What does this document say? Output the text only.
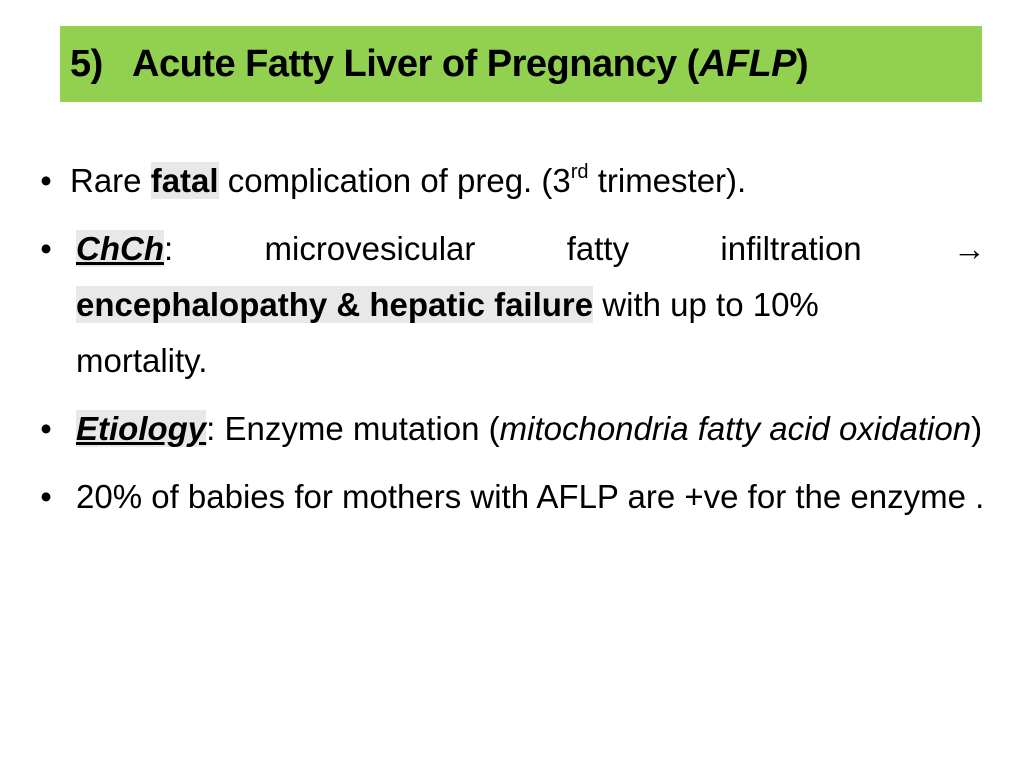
5) Acute Fatty Liver of Pregnancy (AFLP)
• Rare fatal complication of preg. (3rd trimester).
• ChCh:	microvesicular	fatty	infiltration	→
encephalopathy & hepatic failure with up to 10%
mortality.
• Etiology: Enzyme mutation (mitochondria fatty acid oxidation)
• 20% of babies for mothers with AFLP are +ve for the enzyme .
